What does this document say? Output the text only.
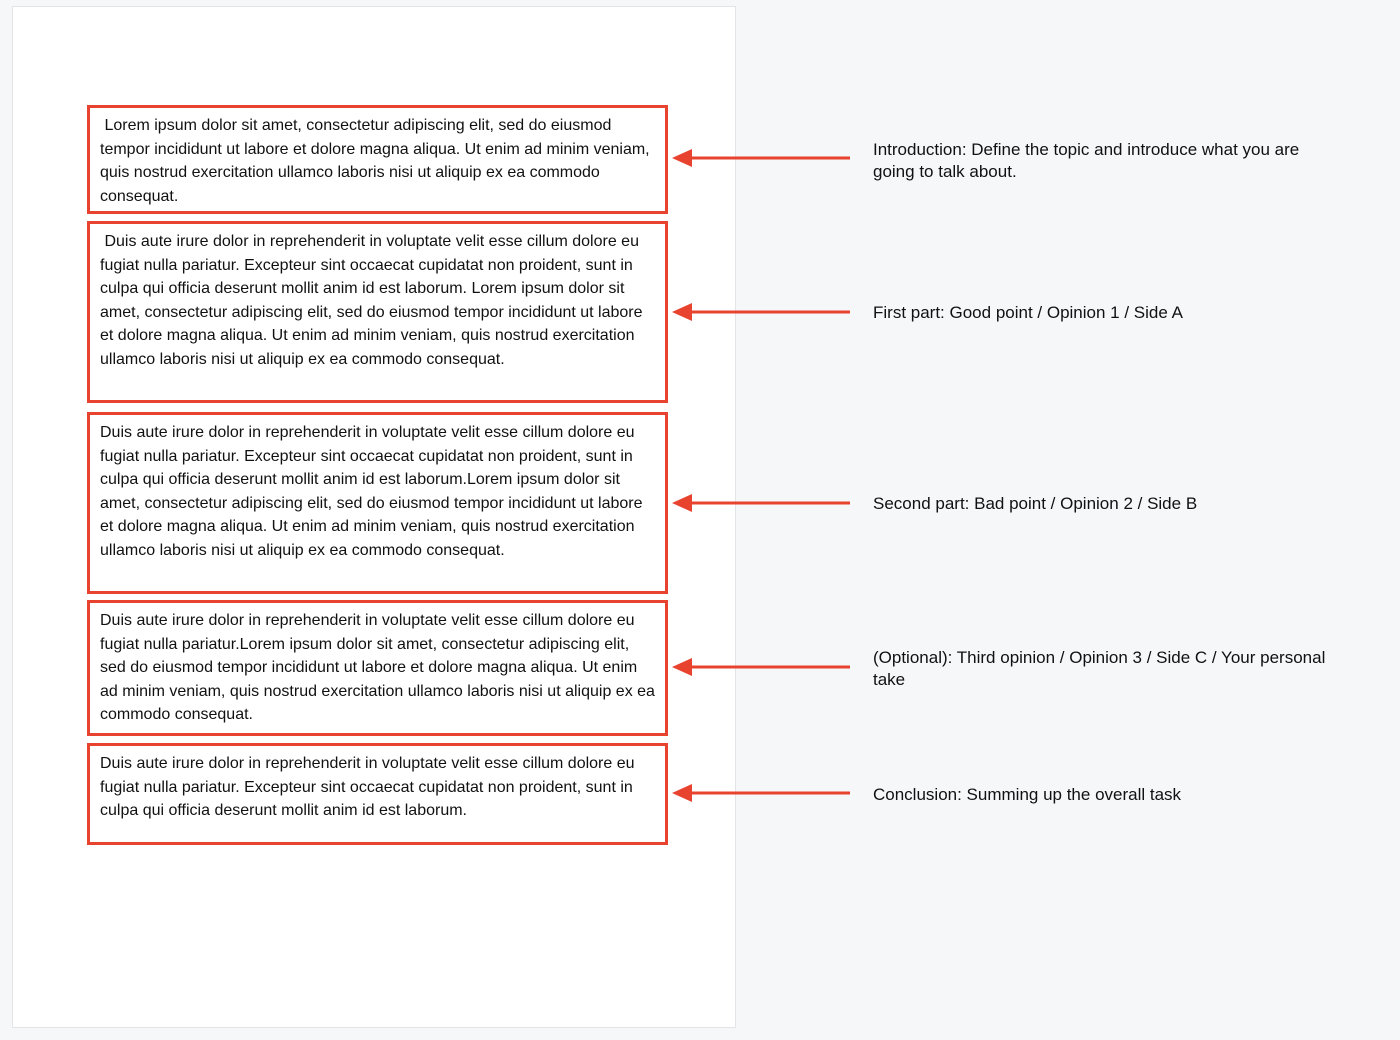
Lorem ipsum dolor sit amet, consectetur adipiscing elit, sed do eiusmod tempor incididunt ut labore et dolore magna aliqua. Ut enim ad minim veniam, quis nostrud exercitation ullamco laboris nisi ut aliquip ex ea commodo consequat.
Duis aute irure dolor in reprehenderit in voluptate velit esse cillum dolore eu fugiat nulla pariatur. Excepteur sint occaecat cupidatat non proident, sunt in culpa qui officia deserunt mollit anim id est laborum. Lorem ipsum dolor sit amet, consectetur adipiscing elit, sed do eiusmod tempor incididunt ut labore et dolore magna aliqua. Ut enim ad minim veniam, quis nostrud exercitation ullamco laboris nisi ut aliquip ex ea commodo consequat.
Duis aute irure dolor in reprehenderit in voluptate velit esse cillum dolore eu fugiat nulla pariatur. Excepteur sint occaecat cupidatat non proident, sunt in culpa qui officia deserunt mollit anim id est laborum.Lorem ipsum dolor sit amet, consectetur adipiscing elit, sed do eiusmod tempor incididunt ut labore et dolore magna aliqua. Ut enim ad minim veniam, quis nostrud exercitation ullamco laboris nisi ut aliquip ex ea commodo consequat.
Duis aute irure dolor in reprehenderit in voluptate velit esse cillum dolore eu fugiat nulla pariatur.Lorem ipsum dolor sit amet, consectetur adipiscing elit, sed do eiusmod tempor incididunt ut labore et dolore magna aliqua. Ut enim ad minim veniam, quis nostrud exercitation ullamco laboris nisi ut aliquip ex ea commodo consequat.
Duis aute irure dolor in reprehenderit in voluptate velit esse cillum dolore eu fugiat nulla pariatur. Excepteur sint occaecat cupidatat non proident, sunt in culpa qui officia deserunt mollit anim id est laborum.
Introduction: Define the topic and introduce what you are going to talk about.
First part: Good point / Opinion 1 / Side A
Second part: Bad point / Opinion 2 / Side B
(Optional): Third opinion / Opinion 3 / Side C / Your personal take
Conclusion: Summing up the overall task
